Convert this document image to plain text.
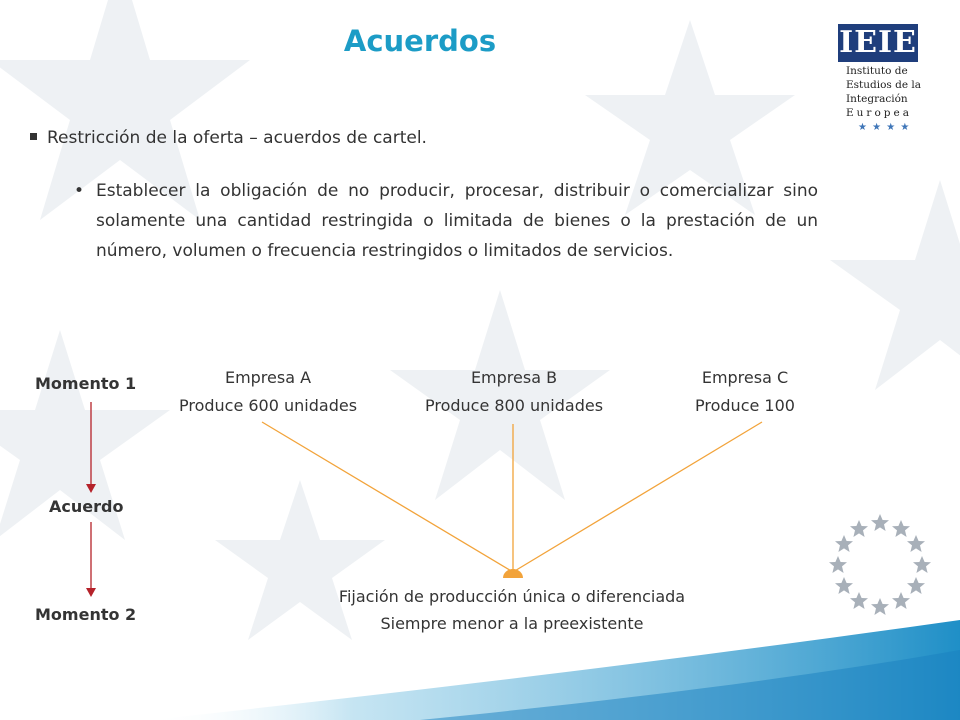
Acuerdos	IEIE
Instituto de
Estudios de la
Integración
Europea
★ ★ ★ ★
Restricción de la oferta – acuerdos de cartel.
• Establecer la obligación de no producir, procesar, distribuir o comercializar sino solamente una cantidad restringida o limitada de bienes o la prestación de un número, volumen o frecuencia restringidos o limitados de servicios.
Momento 1
Acuerdo
Momento 2
Empresa A
Produce 600 unidades
Empresa B
Produce 800 unidades
Empresa C
Produce 100
Fijación de producción única o diferenciada
Siempre menor a la preexistente
